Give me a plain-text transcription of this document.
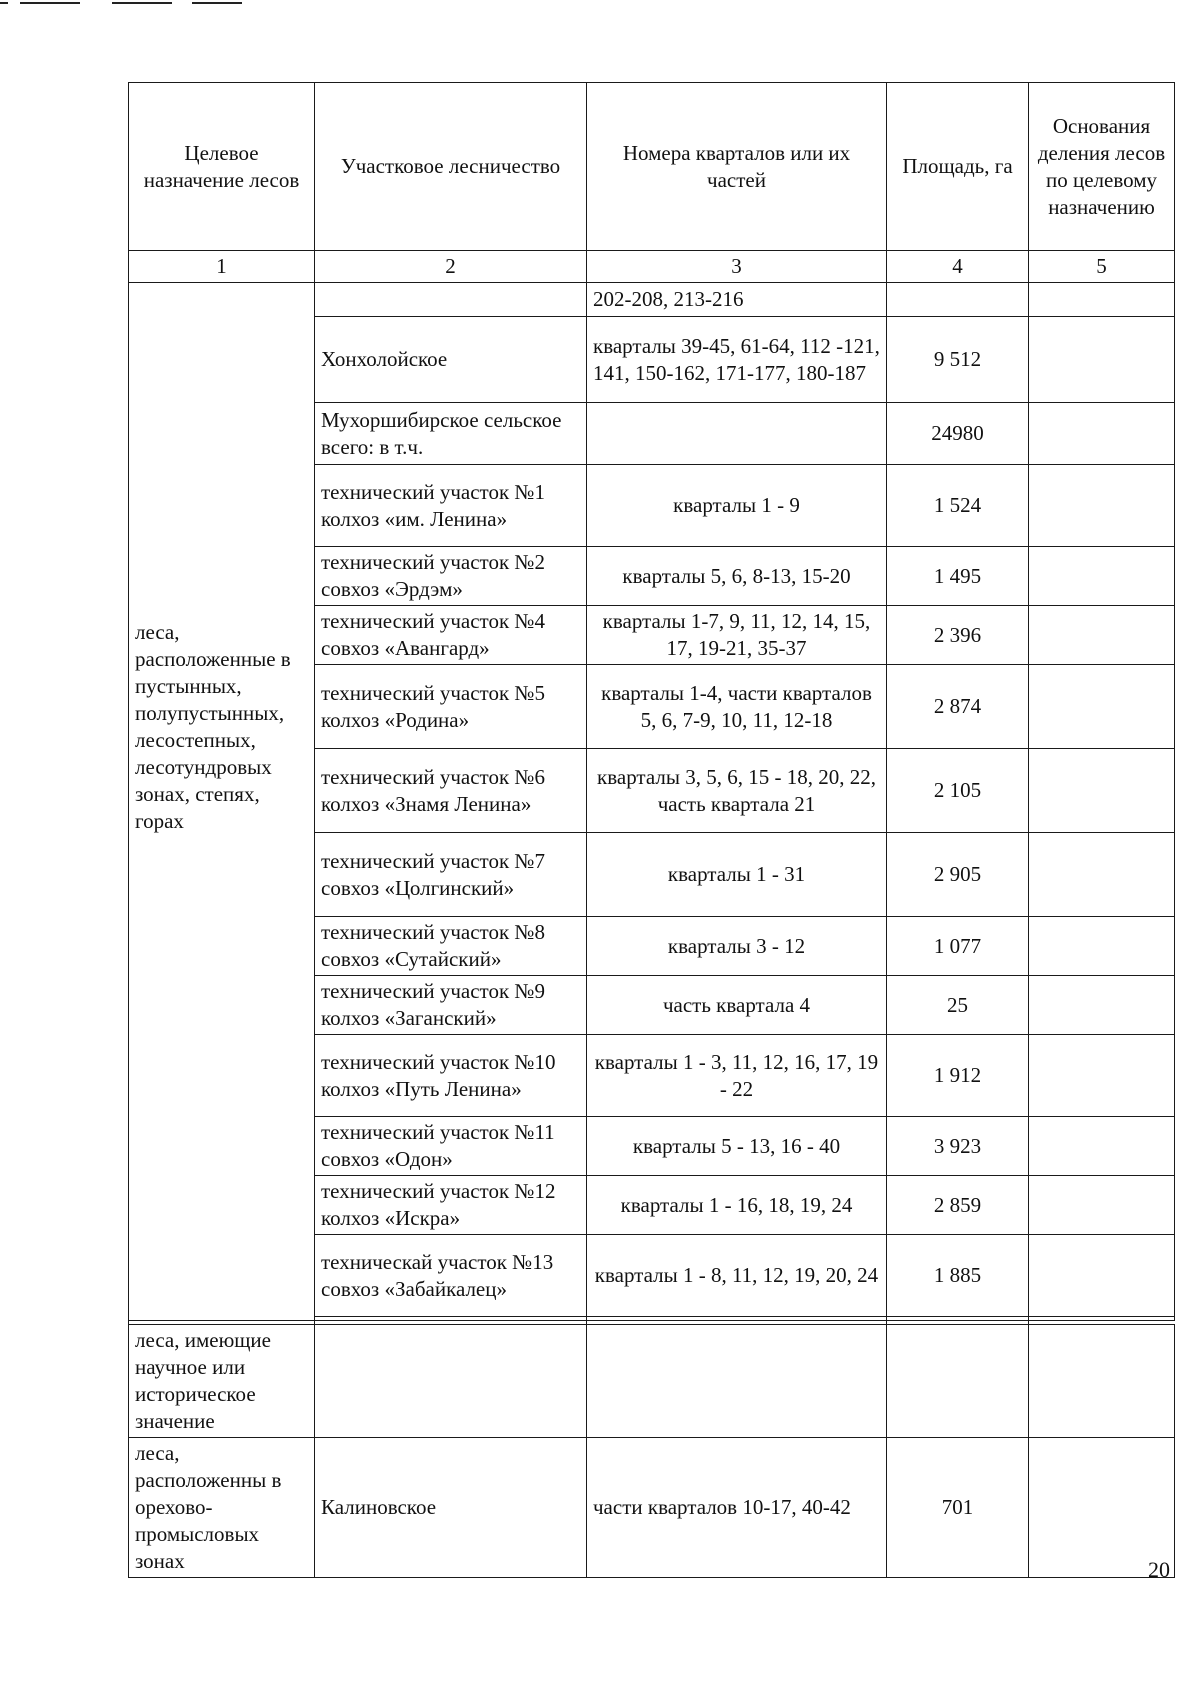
Целевое назначение лесов	Участковое лесничество	Номера кварталов или их частей	Площадь, га	Основания деления лесов по целевому назначению
1	2	3	4	5
леса, расположенные в пустынных, полупустынных, лесостепных, лесотундровых зонах, степях, горах		202-208, 213-216		
	Хонхолойское	кварталы 39-45, 61-64, 112 -121, 141, 150-162, 171-177, 180-187	9 512	
	Мухоршибирское сельское всего: в т.ч.		24980	
	технический участок №1 колхоз «им. Ленина»	кварталы 1 - 9	1 524	
	технический участок №2 совхоз «Эрдэм»	кварталы 5, 6, 8-13, 15-20	1 495	
	технический участок №4 совхоз «Авангард»	кварталы 1-7, 9, 11, 12, 14, 15, 17, 19-21, 35-37	2 396	
	технический участок №5 колхоз «Родина»	кварталы 1-4, части кварталов 5, 6, 7-9, 10, 11, 12-18	2 874	
	технический участок №6 колхоз «Знамя Ленина»	кварталы 3, 5, 6, 15 - 18, 20, 22, часть квартала 21	2 105	
	технический участок №7 совхоз «Цолгинский»	кварталы 1 - 31	2 905	
	технический участок №8 совхоз «Сутайский»	кварталы 3 - 12	1 077	
	технический участок №9 колхоз «Заганский»	часть квартала 4	25	
	технический участок №10 колхоз «Путь Ленина»	кварталы 1 - 3, 11, 12, 16, 17, 19 - 22	1 912	
	технический участок №11 совхоз «Одон»	кварталы 5 - 13, 16 - 40	3 923	
	технический участок №12 колхоз «Искра»	кварталы 1 - 16, 18, 19, 24	2 859	
	техническай участок №13 совхоз «Забайкалец»	кварталы 1 - 8, 11, 12, 19, 20, 24	1 885	

леса, имеющие научное или историческое значение				
леса, расположенны в орехово-промысловых зонах	Калиновское	части кварталов 10-17, 40-42	701	
20
